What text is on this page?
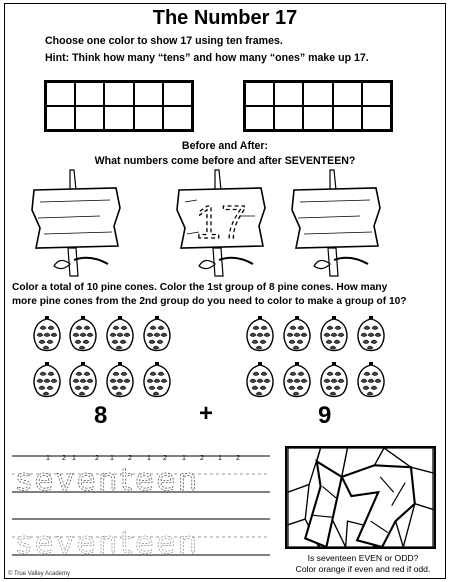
The Number 17
Choose one color to show 17 using ten frames.
Hint: Think how many “tens” and how many “ones” make up 17.
Before and After:
What numbers come before and after SEVENTEEN?
17
Color a total of 10 pine cones. Color the 1st group of 8 pine cones. How many
more pine cones from the 2nd group do you need to color to make a group of 10?
8	+	9
seventeen
1 2 1	2 1 2 1 2 1 2 1 2
seventeen	Is seventeen EVEN or ODD?
Color orange if even and red if odd.
© True Valley Academy
